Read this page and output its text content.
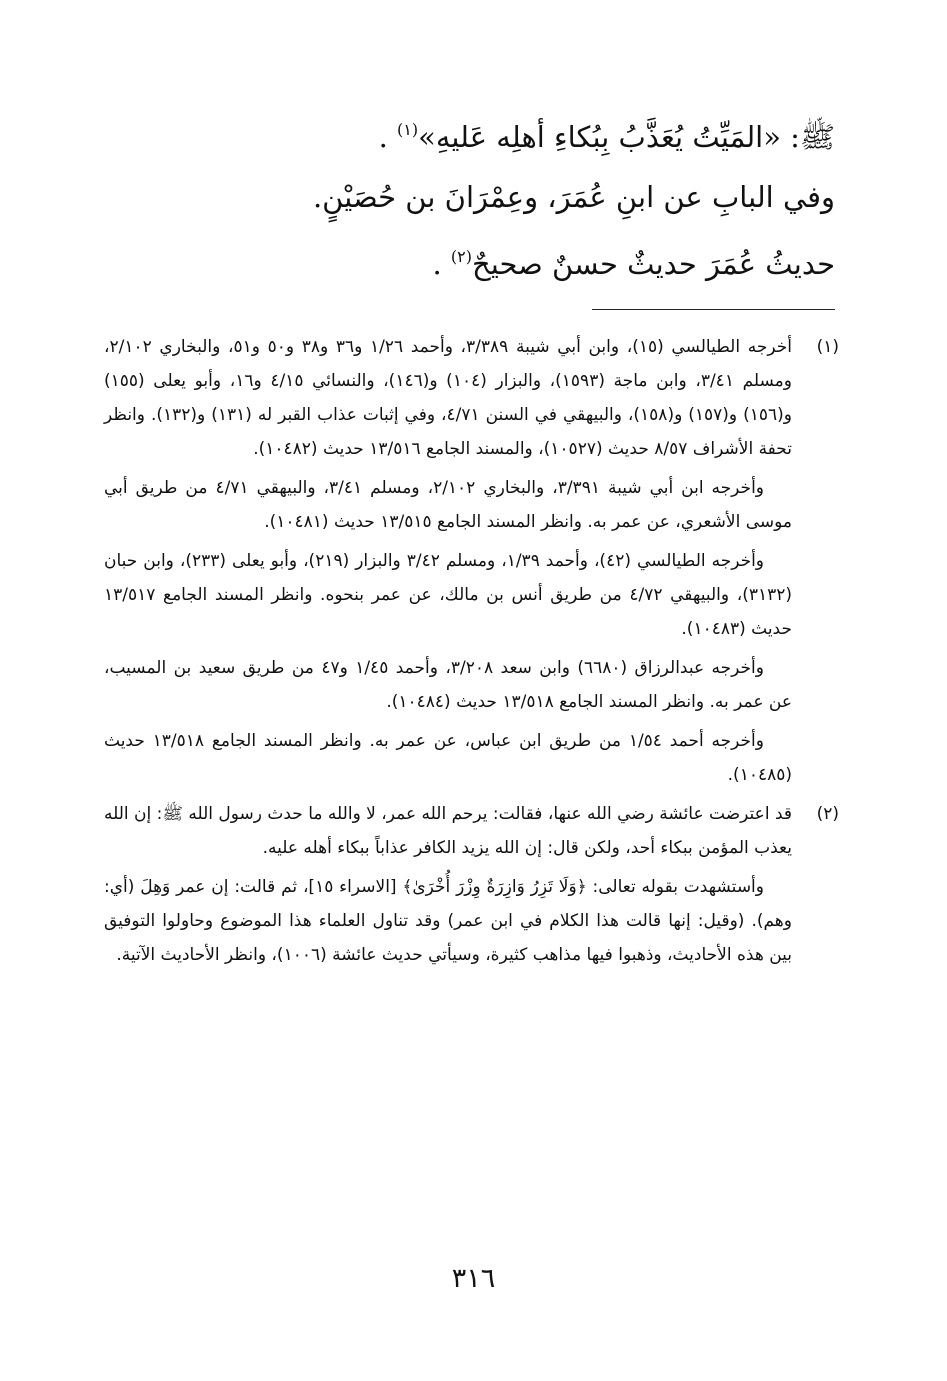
ﷺ: «المَيِّتُ يُعَذَّبُ بِبُكاءِ أهلِه عَليهِ»$^{(١)}$ .
وفي البابِ عن ابنِ عُمَرَ، وعِمْرَانَ بن حُصَيْنٍ.
حديثُ عُمَرَ حديثٌ حسنٌ صحيحٌ$^{(٢)}$ .
(١)

أخرجه الطيالسي (١٥)، وابن أبي شيبة ٣/٣٨٩، وأحمد ١/٢٦ و٣٦ و٣٨ و٥٠ و٥١، والبخاري ٢/١٠٢، ومسلم ٣/٤١، وابن ماجة (١٥٩٣)، والبزار (١٠٤) و(١٤٦)، والنسائي ٤/١٥ و١٦، وأبو يعلى (١٥٥) و(١٥٦) و(١٥٧) و(١٥٨)، والبيهقي في السنن ٤/٧١، وفي إثبات عذاب القبر له (١٣١) و(١٣٢). وانظر تحفة الأشراف ٨/٥٧ حديث (١٠٥٢٧)، والمسند الجامع ١٣/٥١٦ حديث (١٠٤٨٢).

وأخرجه ابن أبي شيبة ٣/٣٩١، والبخاري ٢/١٠٢، ومسلم ٣/٤١، والبيهقي ٤/٧١ من طريق أبي موسى الأشعري، عن عمر به. وانظر المسند الجامع ١٣/٥١٥ حديث (١٠٤٨١).

وأخرجه الطيالسي (٤٢)، وأحمد ١/٣٩، ومسلم ٣/٤٢ والبزار (٢١٩)، وأبو يعلى (٢٣٣)، وابن حبان (٣١٣٢)، والبيهقي ٤/٧٢ من طريق أنس بن مالك، عن عمر بنحوه. وانظر المسند الجامع ١٣/٥١٧ حديث (١٠٤٨٣).

وأخرجه عبدالرزاق (٦٦٨٠) وابن سعد ٣/٢٠٨، وأحمد ١/٤٥ و٤٧ من طريق سعيد بن المسيب، عن عمر به. وانظر المسند الجامع ١٣/٥١٨ حديث (١٠٤٨٤).

وأخرجه أحمد ١/٥٤ من طريق ابن عباس، عن عمر به. وانظر المسند الجامع ١٣/٥١٨ حديث (١٠٤٨٥).

(٢)

قد اعترضت عائشة رضي الله عنها، فقالت: يرحم الله عمر، لا والله ما حدث رسول الله ﷺ: إن الله يعذب المؤمن ببكاء أحد، ولكن قال: إن الله يزيد الكافر عذاباً ببكاء أهله عليه.

وأستشهدت بقوله تعالى: ﴿وَلَا تَزِرُ وَازِرَةٌ وِزْرَ أُخْرَىٰ﴾ [الاسراء ١٥]، ثم قالت: إن عمر وَهِلَ (أي: وهم). (وقيل: إنها قالت هذا الكلام في ابن عمر) وقد تناول العلماء هذا الموضوع وحاولوا التوفيق بين هذه الأحاديث، وذهبوا فيها مذاهب كثيرة، وسيأتي حديث عائشة (١٠٠٦)، وانظر الأحاديث الآتية.

٣١٦
